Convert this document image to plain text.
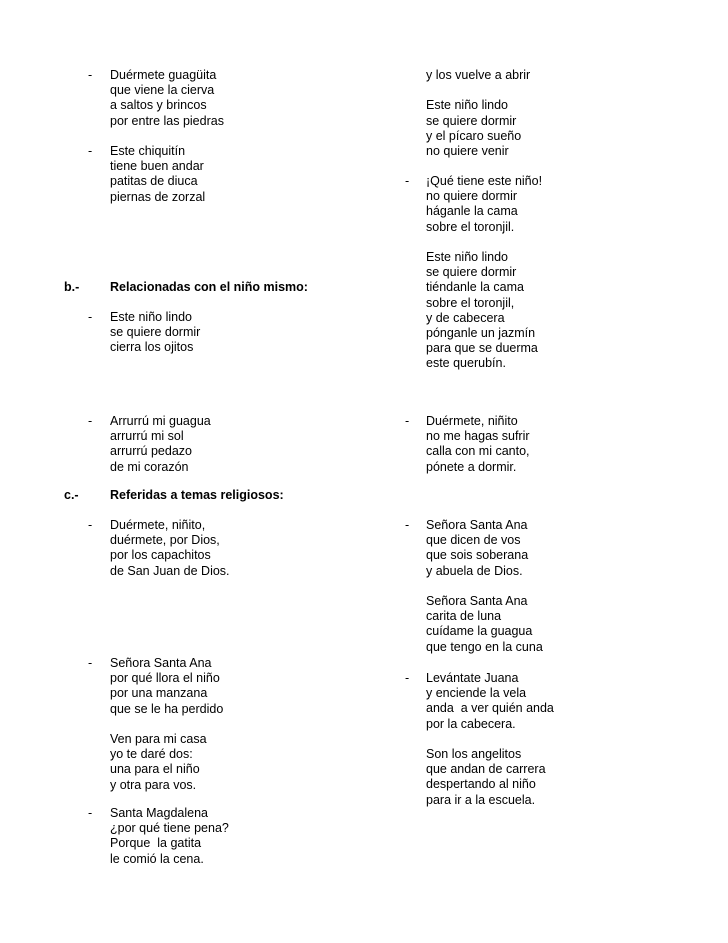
- Duérmete guagüita
que viene la cierva
a saltos y brincos
por entre las piedras
- Este chiquitín
tiene buen andar
patitas de diuca
piernas de zorzal
b.- Relacionadas con el niño mismo:
- Este niño lindo
se quiere dormir
cierra los ojitos
- Arrurrú mi guagua
arrurrú mi sol
arrurrú pedazo
de mi corazón
c.-	Referidas a temas religiosos:
- Duérmete, niñito,
duérmete, por Dios,
por los capachitos
de San Juan de Dios.
- Señora Santa Ana
por qué llora el niño
por una manzana
que se le ha perdido
Ven para mi casa
yo te daré dos:
una para el niño
y otra para vos.
- Santa Magdalena
¿por qué tiene pena?
Porque  la gatita
le comió la cena.
y los vuelve a abrir
Este niño lindo
se quiere dormir
y el pícaro sueño
no quiere venir
- ¡Qué tiene este niño!
no quiere dormir
háganle la cama
sobre el toronjil.
Este niño lindo
se quiere dormir
tiéndanle la cama
sobre el toronjil,
y de cabecera
pónganle un jazmín
para que se duerma
este querubín.
- Duérmete, niñito
no me hagas sufrir
calla con mi canto,
pónete a dormir.
- Señora Santa Ana
que dicen de vos
que sois soberana
y abuela de Dios.
Señora Santa Ana
carita de luna
cuídame la guagua
que tengo en la cuna
- Levántate Juana
y enciende la vela
anda  a ver quién anda
por la cabecera.
Son los angelitos
que andan de carrera
despertando al niño
para ir a la escuela.
